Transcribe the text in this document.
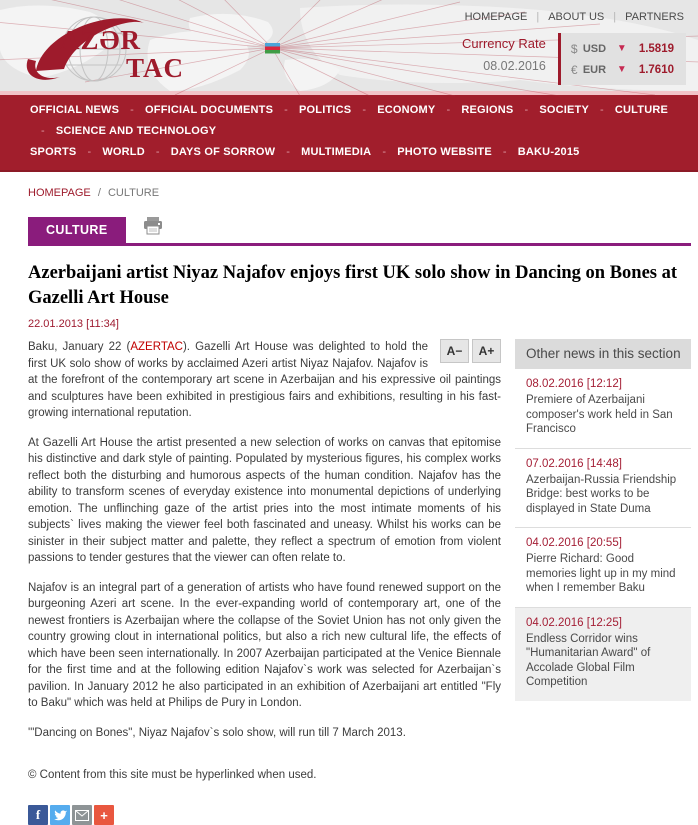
AZƏR
TAC
HOMEPAGE | ABOUT US | PARTNERS
Currency Rate
08.02.2016
$ USD	▼	1.5819
€ EUR	▼	1.7610
OFFICIAL NEWS	- OFFICIAL DOCUMENTS	- POLITICS	- ECONOMY	- REGIONS	- SOCIETY	- CULTURE
- SCIENCE AND TECHNOLOGY
SPORTS	- WORLD	- DAYS OF SORROW	- MULTIMEDIA	- PHOTO WEBSITE	- BAKU-2015
HOMEPAGE / CULTURE
CULTURE
Azerbaijani artist Niyaz Najafov enjoys first UK solo show in Dancing on Bones at Gazelli Art House
22.01.2013 [11:34]
A−	A+

Baku, January 22 (AZERTAC). Gazelli Art House was delighted to hold the first UK solo show of works by acclaimed Azeri artist Niyaz Najafov. Najafov is at the forefront of the contemporary art scene in Azerbaijan and his expressive oil paintings and sculptures have been exhibited in prestigious fairs and exhibitions, resulting in his fast-growing international reputation.

At Gazelli Art House the artist presented a new selection of works on canvas that epitomise his distinctive and dark style of painting. Populated by mysterious figures, his complex works reflect both the disturbing and humorous aspects of the human condition. Najafov has the ability to transform scenes of everyday existence into monumental depictions of underlying emotion. The unflinching gaze of the artist pries into the most intimate moments of his subjects` lives making the viewer feel both fascinated and uneasy. Whilst his works can be sinister in their subject matter and palette, they reflect a spectrum of emotion from violent passions to tender gestures that the viewer can often relate to.

Najafov is an integral part of a generation of artists who have found renewed support on the burgeoning Azeri art scene. In the ever-expanding world of contemporary art, one of the newest frontiers is Azerbaijan where the collapse of the Soviet Union has not only given the country growing clout in international politics, but also a rich new cultural life, the effects of which have been seen internationally. In 2007 Azerbaijan participated at the Venice Biennale for the first time and at the following edition Najafov`s work was selected for Azerbaijan`s pavilion. In January 2012 he also participated in an exhibition of Azerbaijani art entitled "Fly to Baku" which was held at Philips de Pury in London.

'"Dancing on Bones", Niyaz Najafov`s solo show, will run till 7 March 2013.

© Content from this site must be hyperlinked when used.
f	+
Other news in this section
08.02.2016 [12:12]
Premiere of Azerbaijani composer's work held in San Francisco
07.02.2016 [14:48]
Azerbaijan-Russia Friendship Bridge: best works to be displayed in State Duma
04.02.2016 [20:55]
Pierre Richard: Good memories light up in my mind when I remember Baku
04.02.2016 [12:25]
Endless Corridor wins "Humanitarian Award" of Accolade Global Film Competition
